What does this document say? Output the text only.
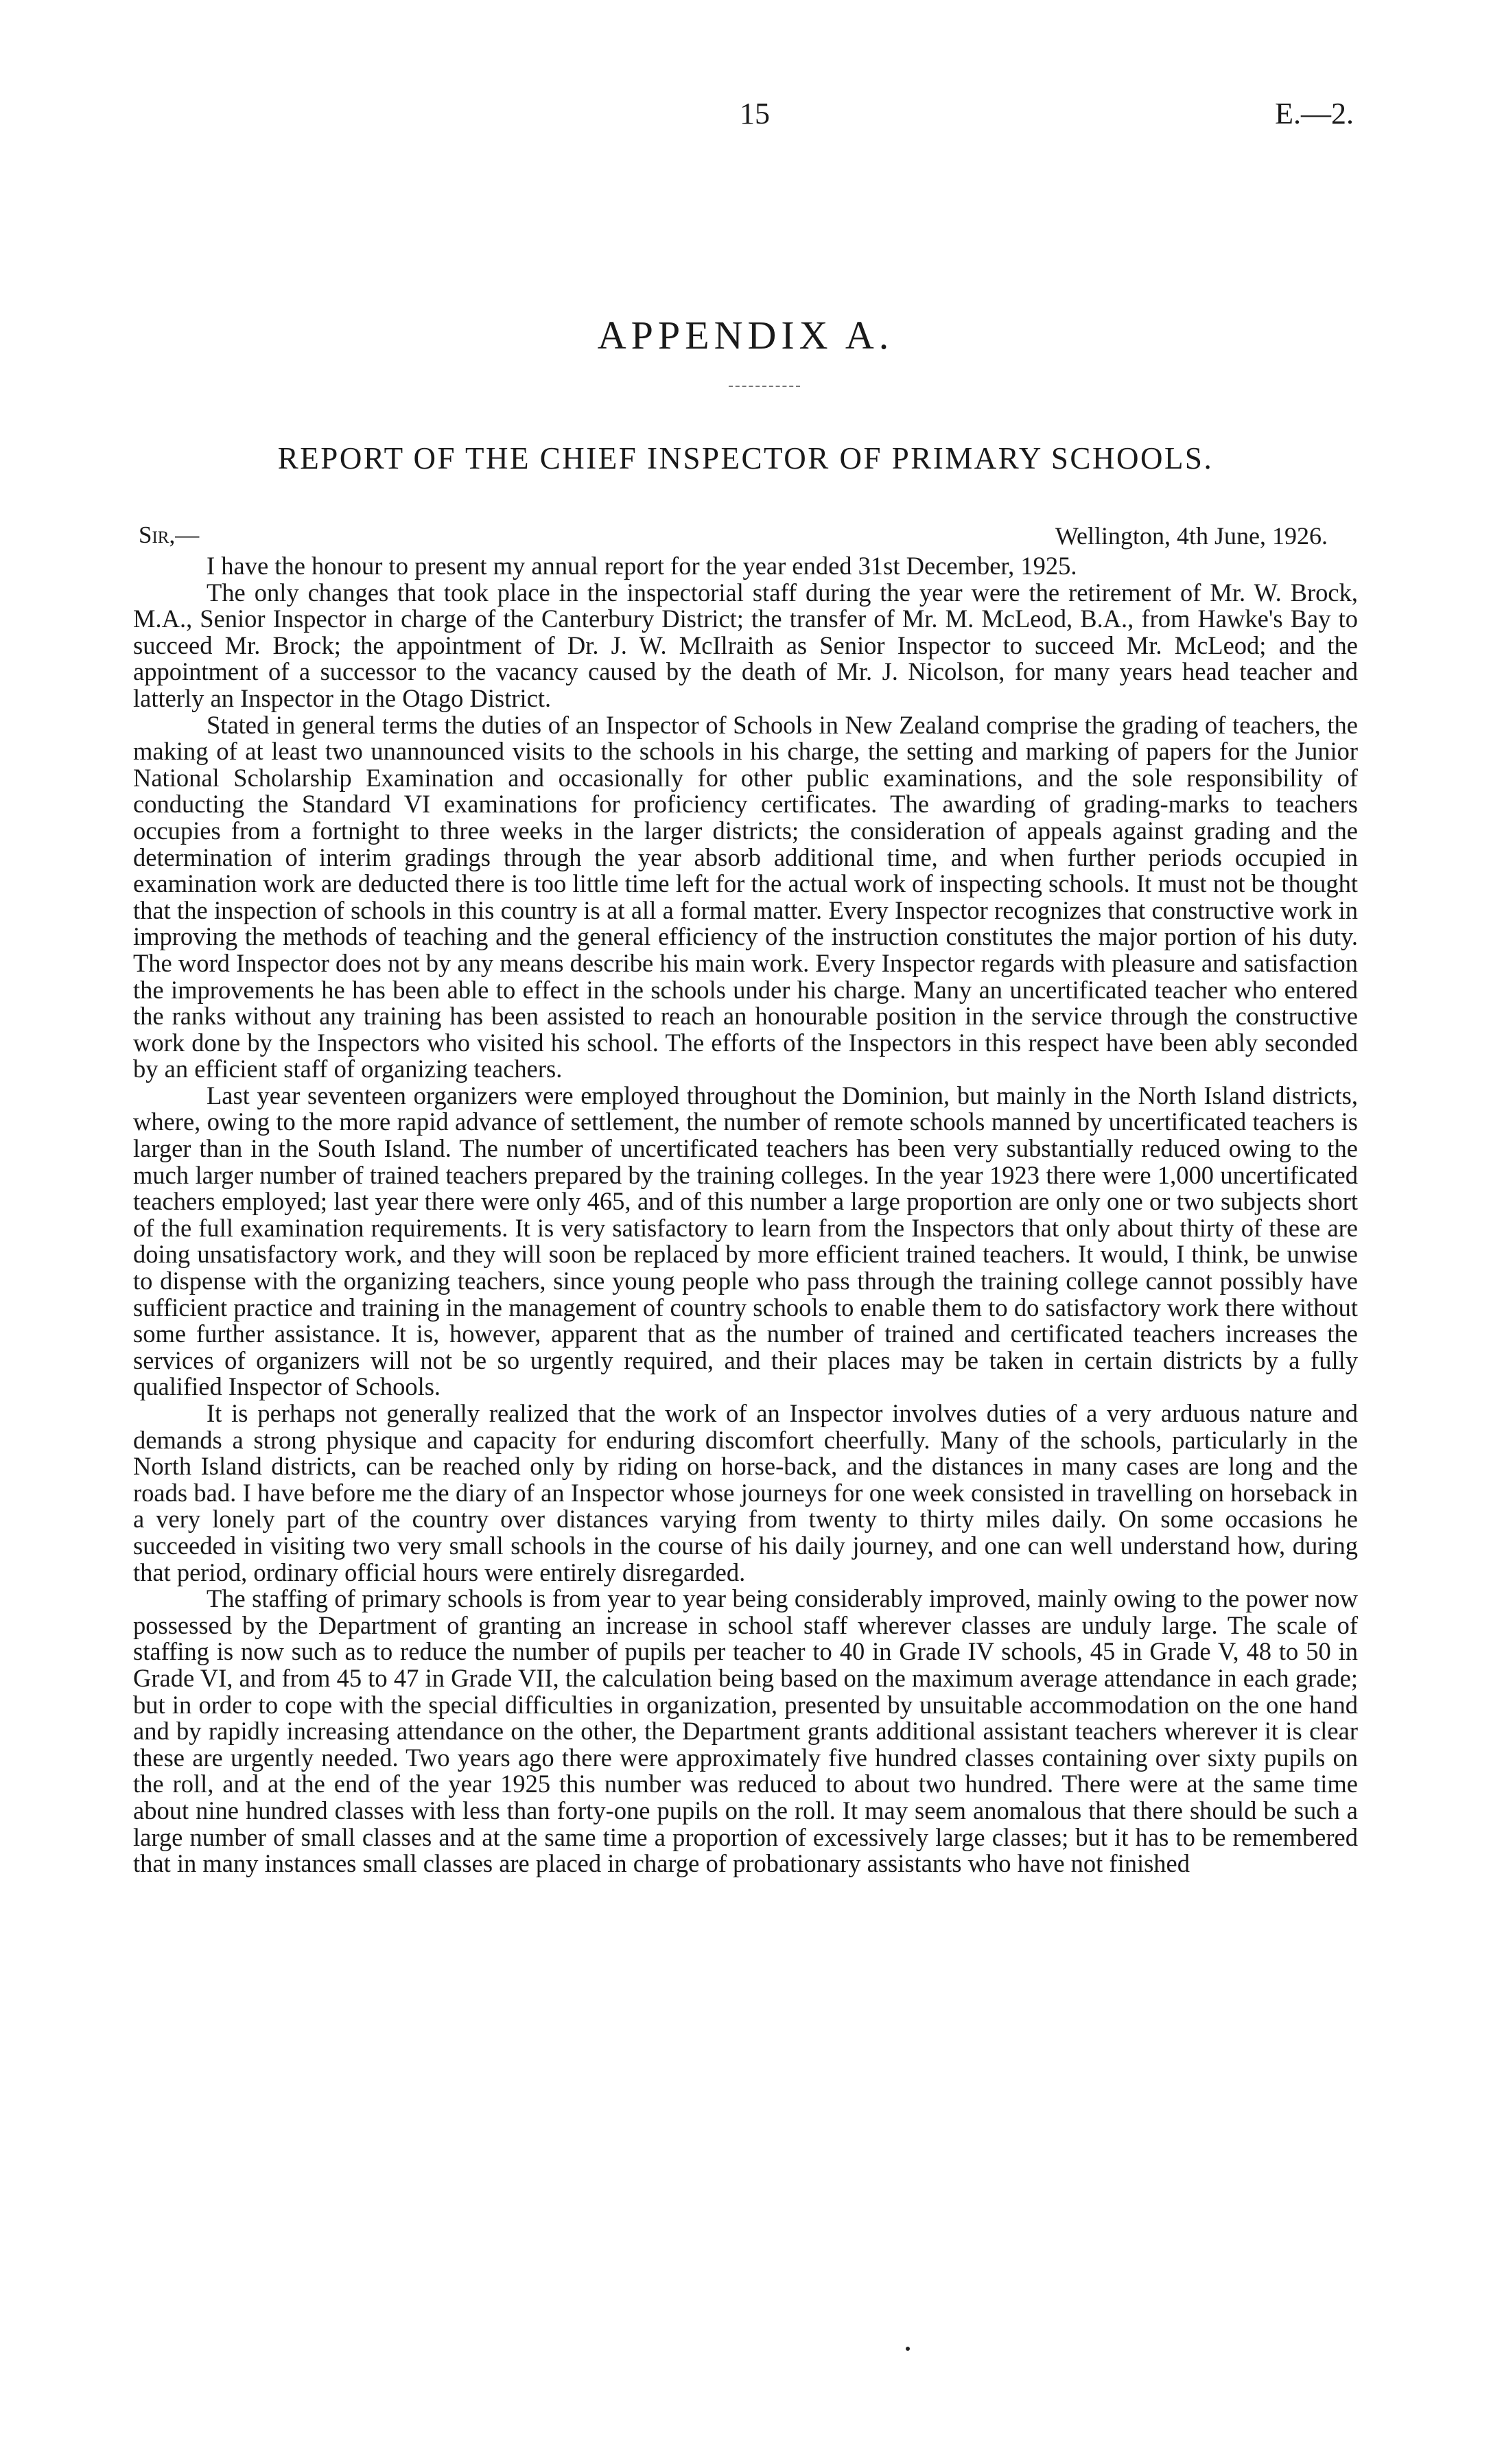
15	E.—2.
APPENDIX A.
REPORT OF THE CHIEF INSPECTOR OF PRIMARY SCHOOLS.
Sir,—	Wellington, 4th June, 1926.

I have the honour to present my annual report for the year ended 31st December, 1925.

The only changes that took place in the inspectorial staff during the year were the retirement of Mr. W. Brock, M.A., Senior Inspector in charge of the Canterbury District; the transfer of Mr. M. McLeod, B.A., from Hawke's Bay to succeed Mr. Brock; the appointment of Dr. J. W. McIlraith as Senior Inspector to succeed Mr. McLeod; and the appointment of a successor to the vacancy caused by the death of Mr. J. Nicolson, for many years head teacher and latterly an Inspector in the Otago District.

Stated in general terms the duties of an Inspector of Schools in New Zealand comprise the grading of teachers, the making of at least two unannounced visits to the schools in his charge, the setting and marking of papers for the Junior National Scholarship Examination and occasionally for other public examinations, and the sole responsibility of conducting the Standard VI examinations for proficiency certificates. The awarding of grading-marks to teachers occupies from a fortnight to three weeks in the larger districts; the consideration of appeals against grading and the determination of interim gradings through the year absorb additional time, and when further periods occupied in examination work are deducted there is too little time left for the actual work of inspecting schools. It must not be thought that the inspection of schools in this country is at all a formal matter. Every Inspector recognizes that constructive work in improving the methods of teaching and the general efficiency of the instruction constitutes the major portion of his duty. The word Inspector does not by any means describe his main work. Every Inspector regards with pleasure and satisfaction the improvements he has been able to effect in the schools under his charge. Many an uncertificated teacher who entered the ranks without any training has been assisted to reach an honourable position in the service through the constructive work done by the Inspectors who visited his school. The efforts of the Inspectors in this respect have been ably seconded by an efficient staff of organizing teachers.

Last year seventeen organizers were employed throughout the Dominion, but mainly in the North Island districts, where, owing to the more rapid advance of settlement, the number of remote schools manned by uncertificated teachers is larger than in the South Island. The number of uncertificated teachers has been very substantially reduced owing to the much larger number of trained teachers prepared by the training colleges. In the year 1923 there were 1,000 uncertificated teachers employed; last year there were only 465, and of this number a large proportion are only one or two subjects short of the full examination requirements. It is very satisfactory to learn from the Inspectors that only about thirty of these are doing unsatisfactory work, and they will soon be replaced by more efficient trained teachers. It would, I think, be unwise to dispense with the organizing teachers, since young people who pass through the training college cannot possibly have sufficient practice and training in the management of country schools to enable them to do satisfactory work there without some further assistance. It is, however, apparent that as the number of trained and certificated teachers increases the services of organizers will not be so urgently required, and their places may be taken in certain districts by a fully qualified Inspector of Schools.

It is perhaps not generally realized that the work of an Inspector involves duties of a very arduous nature and demands a strong physique and capacity for enduring discomfort cheerfully. Many of the schools, particularly in the North Island districts, can be reached only by riding on horse-back, and the distances in many cases are long and the roads bad. I have before me the diary of an Inspector whose journeys for one week consisted in travelling on horseback in a very lonely part of the country over distances varying from twenty to thirty miles daily. On some occasions he succeeded in visiting two very small schools in the course of his daily journey, and one can well understand how, during that period, ordinary official hours were entirely disregarded.

The staffing of primary schools is from year to year being considerably improved, mainly owing to the power now possessed by the Department of granting an increase in school staff wherever classes are unduly large. The scale of staffing is now such as to reduce the number of pupils per teacher to 40 in Grade IV schools, 45 in Grade V, 48 to 50 in Grade VI, and from 45 to 47 in Grade VII, the calculation being based on the maximum average attendance in each grade; but in order to cope with the special difficulties in organization, presented by unsuitable accommodation on the one hand and by rapidly increasing attendance on the other, the Department grants additional assistant teachers wherever it is clear these are urgently needed. Two years ago there were approximately five hundred classes containing over sixty pupils on the roll, and at the end of the year 1925 this number was reduced to about two hundred. There were at the same time about nine hundred classes with less than forty-one pupils on the roll. It may seem anomalous that there should be such a large number of small classes and at the same time a proportion of excessively large classes; but it has to be remembered that in many instances small classes are placed in charge of probationary assistants who have not finished
